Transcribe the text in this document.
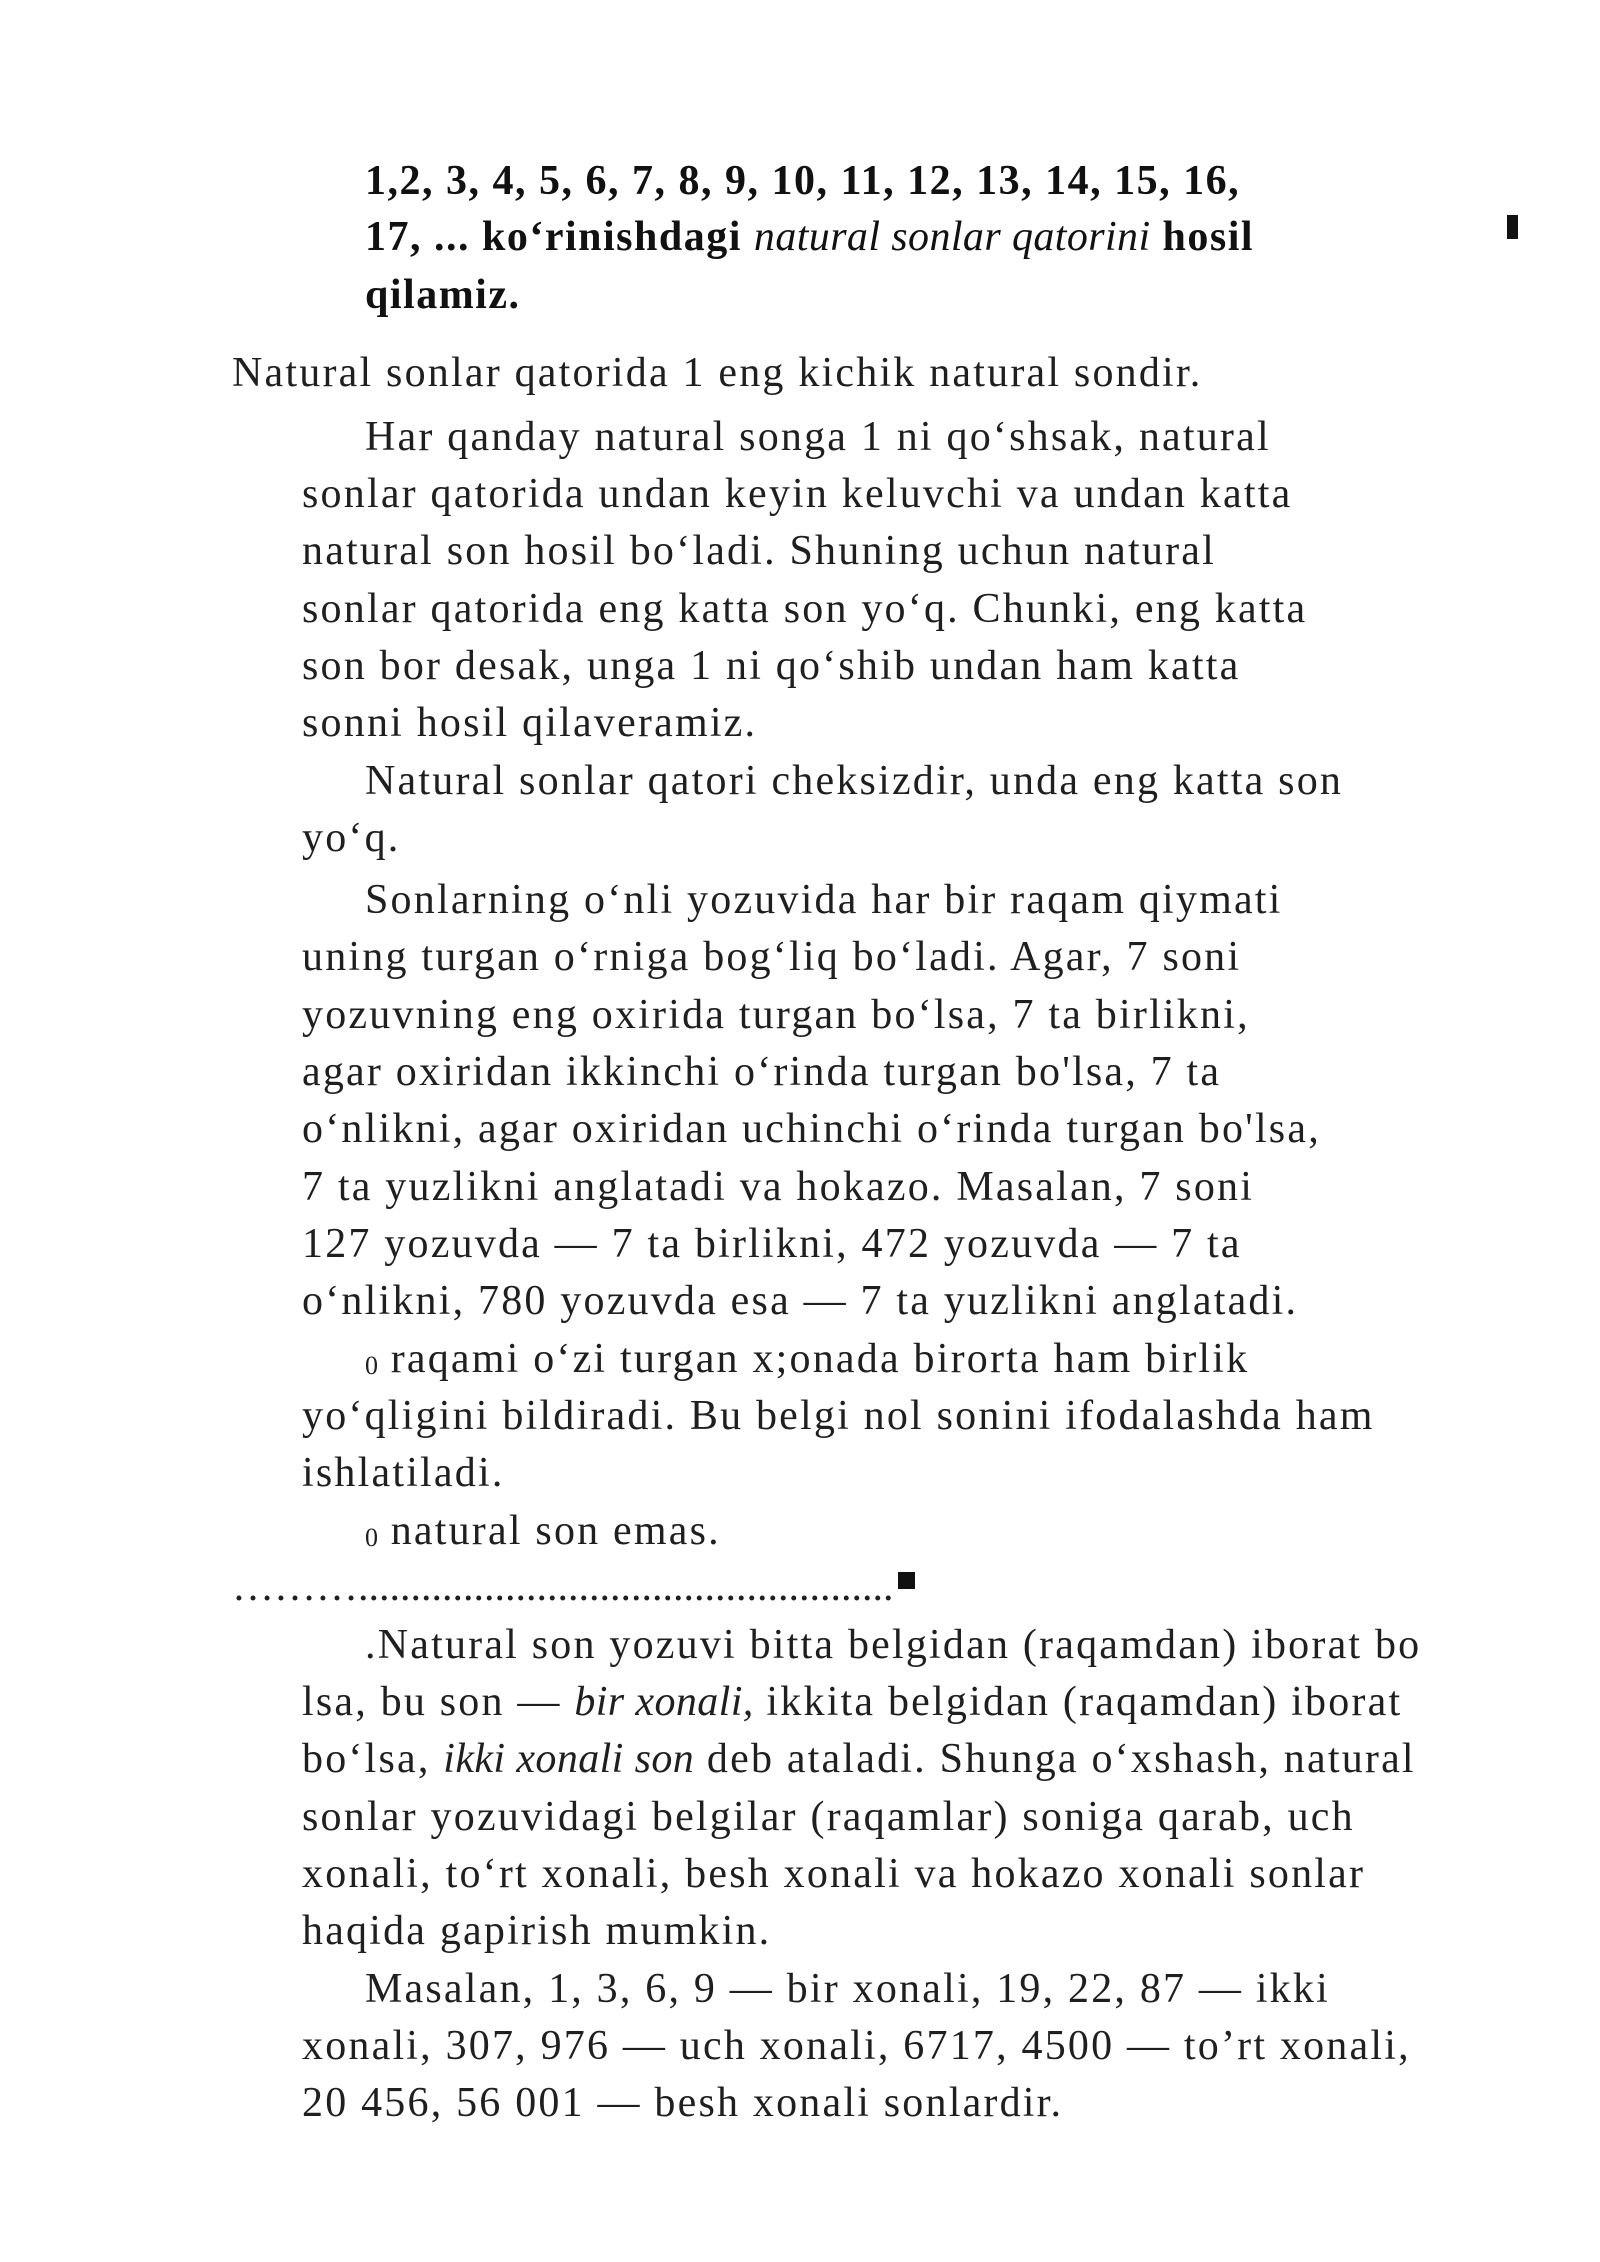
1,2, 3, 4, 5, 6, 7, 8, 9, 10, 11, 12, 13, 14, 15, 16,
17, ... ko‘rinishdagi natural sonlar qatorini hosil
qilamiz.
Natural sonlar qatorida 1 eng kichik natural sondir.
Har qanday natural songa 1 ni qo‘shsak, natural
sonlar qatorida undan keyin keluvchi va undan katta
natural son hosil bo‘ladi. Shuning uchun natural
sonlar qatorida eng katta son yo‘q. Chunki, eng katta
son bor desak, unga 1 ni qo‘shib undan ham katta
sonni hosil qilaveramiz.
Natural sonlar qatori cheksizdir, unda eng katta son
yo‘q.
Sonlarning o‘nli yozuvida har bir raqam qiymati
uning turgan o‘rniga bog‘liq bo‘ladi. Agar, 7 soni
yozuvning eng oxirida turgan bo‘lsa, 7 ta birlikni,
agar oxiridan ikkinchi o‘rinda turgan bo'lsa, 7 ta
o‘nlikni, agar oxiridan uchinchi o‘rinda turgan bo'lsa,
7 ta yuzlikni anglatadi va hokazo. Masalan, 7 soni
127 yozuvda — 7 ta birlikni, 472 yozuvda — 7 ta
o‘nlikni, 780 yozuvda esa — 7 ta yuzlikni anglatadi.
0 raqami o‘zi turgan x;onada birorta ham birlik
yo‘qligini bildiradi. Bu belgi nol sonini ifodalashda ham
ishlatiladi.
0 natural son emas.
………...................................................
.Natural son yozuvi bitta belgidan (raqamdan) iborat bo
lsa, bu son — bir xonali, ikkita belgidan (raqamdan) iborat
bo‘lsa, ikki xonali son deb ataladi. Shunga o‘xshash, natural
sonlar yozuvidagi belgilar (raqamlar) soniga qarab, uch
xonali, to‘rt xonali, besh xonali va hokazo xonali sonlar
haqida gapirish mumkin.
Masalan, 1, 3, 6, 9 — bir xonali, 19, 22, 87 — ikki
xonali, 307, 976 — uch xonali, 6717, 4500 — to’rt xonali,
20 456, 56 001 — besh xonali sonlardir.
